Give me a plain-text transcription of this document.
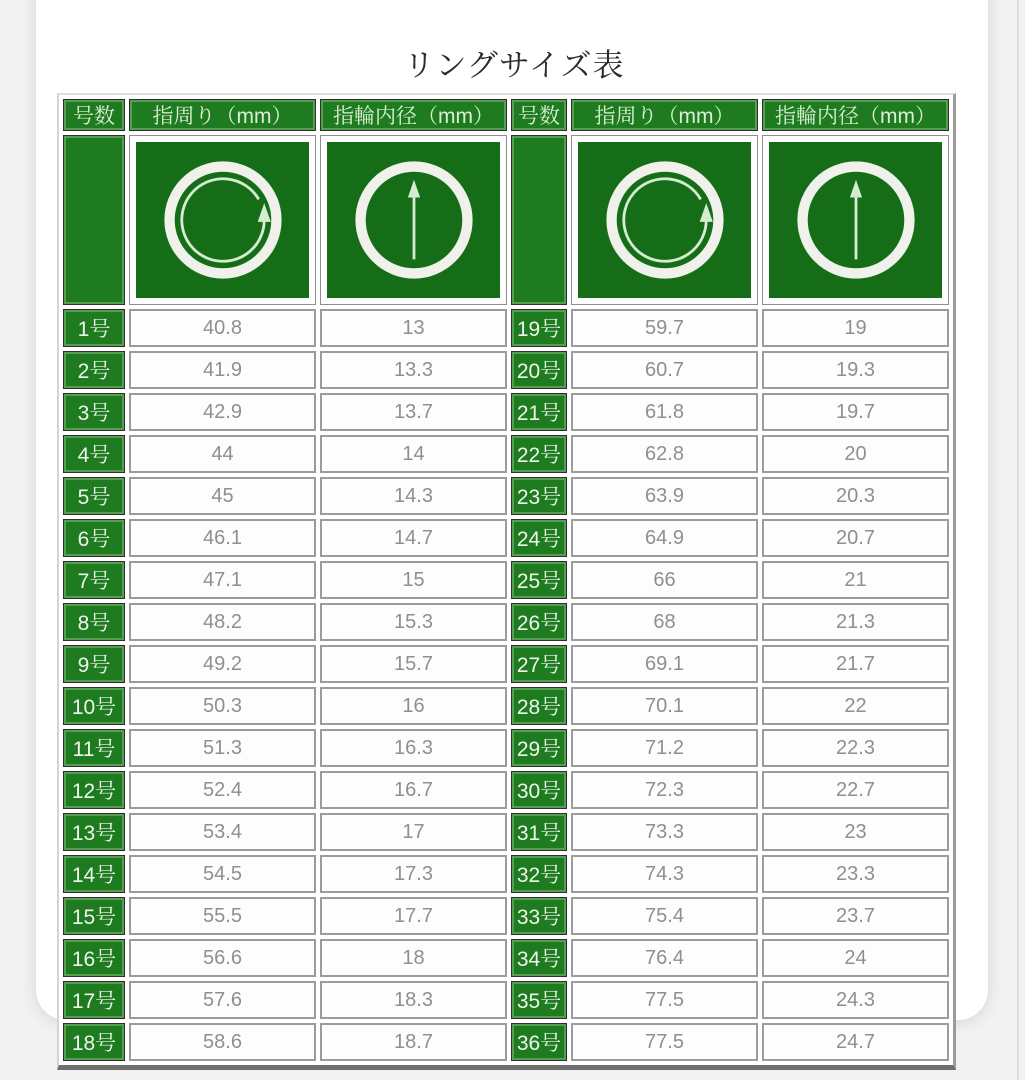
リングサイズ表
号数	指周り（mm）	指輪内径（mm）	号数	指周り（mm）	指輪内径（mm）

1号	40.8	13	19号	59.7	19
2号	41.9	13.3	20号	60.7	19.3
3号	42.9	13.7	21号	61.8	19.7
4号	44	14	22号	62.8	20
5号	45	14.3	23号	63.9	20.3
6号	46.1	14.7	24号	64.9	20.7
7号	47.1	15	25号	66	21
8号	48.2	15.3	26号	68	21.3
9号	49.2	15.7	27号	69.1	21.7
10号	50.3	16	28号	70.1	22
11号	51.3	16.3	29号	71.2	22.3
12号	52.4	16.7	30号	72.3	22.7
13号	53.4	17	31号	73.3	23
14号	54.5	17.3	32号	74.3	23.3
15号	55.5	17.7	33号	75.4	23.7
16号	56.6	18	34号	76.4	24
17号	57.6	18.3	35号	77.5	24.3
18号	58.6	18.7	36号	77.5	24.7
